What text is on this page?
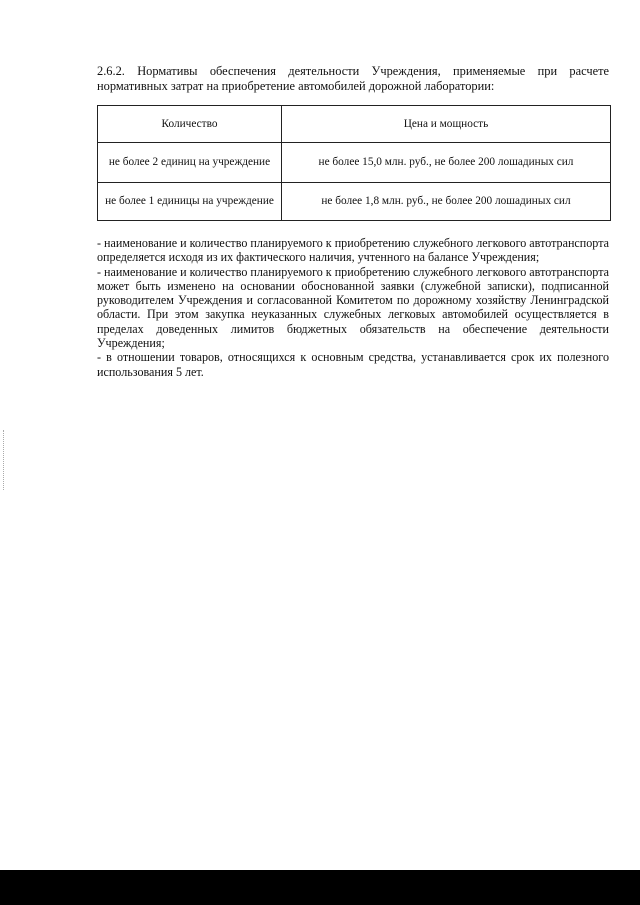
2.6.2. Нормативы обеспечения деятельности Учреждения, применяемые при расчете нормативных затрат на приобретение автомобилей дорожной лаборатории:
Количество	Цена и мощность
не более 2 единиц на учреждение	не более 15,0 млн. руб., не более 200 лошадиных сил
не более 1 единицы на учреждение	не более 1,8 млн. руб., не более 200 лошадиных сил

- наименование и количество планируемого к приобретению служебного легкового автотранспорта определяется исходя из их фактического наличия, учтенного на балансе Учреждения;

- наименование и количество планируемого к приобретению служебного легкового автотранспорта может быть изменено на основании обоснованной заявки (служебной записки), подписанной руководителем Учреждения и согласованной Комитетом по дорожному хозяйству Ленинградской области. При этом закупка неуказанных служебных легковых автомобилей осуществляется в пределах доведенных лимитов бюджетных обязательств на обеспечение деятельности Учреждения;

- в отношении товаров, относящихся к основным средства, устанавливается срок их полезного использования 5 лет.
